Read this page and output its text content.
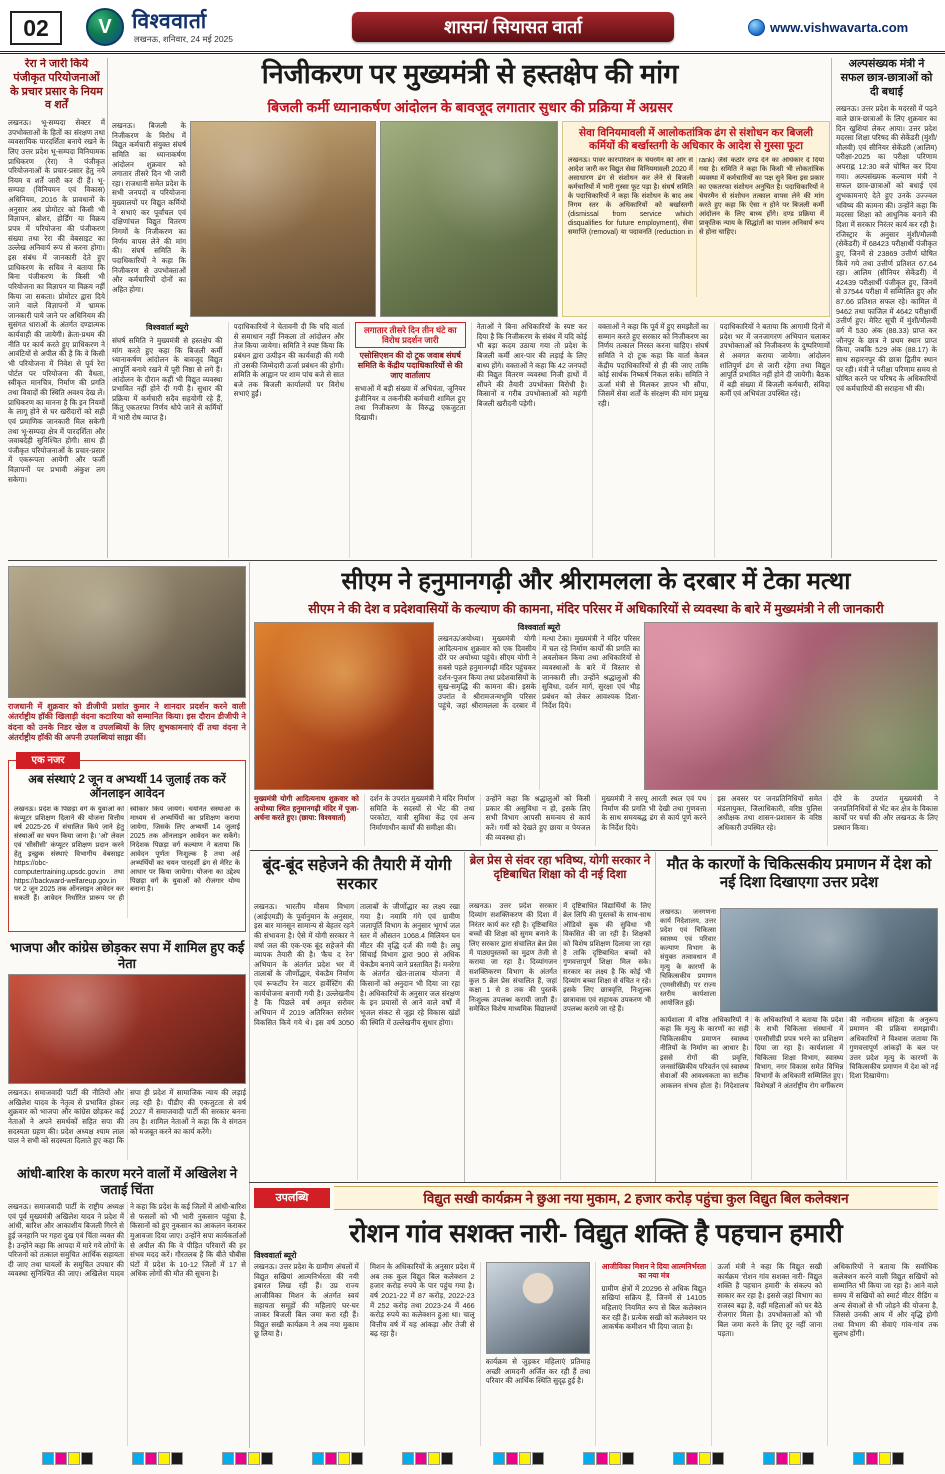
02	V विश्ववार्ता
लखनऊ, शनिवार, 24 मई 2025
शासन/ सियासत वार्ता	www.vishwavarta.com
रेरा ने जारी किये पंजीकृत परियोजनाओं के प्रचार प्रसार के नियम व शर्तें
लखनऊ। भू-सम्पदा सेक्टर में उपभोक्ताओं के हितों का संरक्षण तथा व्यवसायिक पारदर्शिता बनाये रखने के लिए उत्तर प्रदेश भू-सम्पदा विनियामक प्राधिकरण (रेरा) ने पंजीकृत परियोजनाओं के प्रचार-प्रसार हेतु नये नियम व शर्तें जारी कर दी हैं। भू-सम्पदा (विनियमन एवं विकास) अधिनियम, 2016 के प्रावधानों के अनुसार अब प्रोमोटर को किसी भी विज्ञापन, ब्रोशर, होर्डिंग या विक्रय प्रपत्र में परियोजना की पंजीकरण संख्या तथा रेरा की वेबसाइट का उल्लेख अनिवार्य रूप से करना होगा। इस संबंध में जानकारी देते हुए प्राधिकरण के सचिव ने बताया कि बिना पंजीकरण के किसी भी परियोजना का विज्ञापन या विक्रय नहीं किया जा सकता। प्रोमोटर द्वारा दिये जाने वाले विज्ञापनों में भ्रामक जानकारी पाये जाने पर अधिनियम की सुसंगत धाराओं के अंतर्गत दण्डात्मक कार्यवाही की जायेगी। क्रेता-प्रथम की नीति पर कार्य करते हुए प्राधिकरण ने आवंटियों से अपील की है कि वे किसी भी परियोजना में निवेश से पूर्व रेरा पोर्टल पर परियोजना की वैधता, स्वीकृत मानचित्र, निर्माण की प्रगति तथा विवादों की स्थिति अवश्य देख लें। प्राधिकरण का मानना है कि इन नियमों के लागू होने से घर खरीदारों को सही एवं प्रमाणिक जानकारी मिल सकेगी तथा भू-सम्पदा क्षेत्र में पारदर्शिता और जवाबदेही सुनिश्चित होगी। साथ ही पंजीकृत परियोजनाओं के प्रचार-प्रसार में एकरूपता आयेगी और फर्जी विज्ञापनों पर प्रभावी अंकुश लग सकेगा।
निजीकरण पर मुख्यमंत्री से हस्तक्षेप की मांग
बिजली कर्मी ध्यानाकर्षण आंदोलन के बावजूद लगातार सुधार की प्रक्रिया में अग्रसर
लखनऊ। बिजली के निजीकरण के विरोध में विद्युत कर्मचारी संयुक्त संघर्ष समिति का ध्यानाकर्षण आंदोलन शुक्रवार को लगातार तीसरे दिन भी जारी रहा। राजधानी समेत प्रदेश के सभी जनपदों व परियोजना मुख्यालयों पर विद्युत कर्मियों ने सभाएं कर पूर्वांचल एवं दक्षिणांचल विद्युत वितरण निगमों के निजीकरण का निर्णय वापस लेने की मांग की। संघर्ष समिति के पदाधिकारियों ने कहा कि निजीकरण से उपभोक्ताओं और कर्मचारियों दोनों का अहित होगा।
सेवा विनियमावली में आलोकतांत्रिक ढंग से संशोधन कर बिजली कर्मियों की बर्खास्तगी के अधिकार के आदेश से गुस्सा फूटा
लखनऊ। पावर कारपोरेशन के चेयरमैन की ओर से आदेश जारी कर विद्युत सेवा विनियमावली 2020 में असाधारण ढंग से संशोधन कर लेने से बिजली कर्मचारियों में भारी गुस्सा फूट पड़ा है। संघर्ष समिति के पदाधिकारियों ने कहा कि संशोधन के बाद अब निगम स्तर के अधिकारियों को बर्खास्तगी (dismissal from service which disqualifies for future employment), सेवा समाप्ति (removal) या पदावनति (reduction in rank) जैसे कठोर दण्ड देने का अधिकार दे दिया गया है। समिति ने कहा कि किसी भी लोकतांत्रिक व्यवस्था में कर्मचारियों का पक्ष सुने बिना इस प्रकार का एकतरफा संशोधन अनुचित है। पदाधिकारियों ने चेयरमैन से संशोधन तत्काल वापस लेने की मांग करते हुए कहा कि ऐसा न होने पर बिजली कर्मी आंदोलन के लिए बाध्य होंगे। दण्ड प्रक्रिया में प्राकृतिक न्याय के सिद्धांतों का पालन अनिवार्य रूप से होना चाहिए।
विश्ववार्ता ब्यूरो
संघर्ष समिति ने मुख्यमंत्री से हस्तक्षेप की मांग करते हुए कहा कि बिजली कर्मी ध्यानाकर्षण आंदोलन के बावजूद विद्युत आपूर्ति बनाये रखने में पूरी निष्ठा से लगे हैं। आंदोलन के दौरान कहीं भी विद्युत व्यवस्था प्रभावित नहीं होने दी गयी है। सुधार की प्रक्रिया में कर्मचारी सदैव सहयोगी रहे हैं, किंतु एकतरफा निर्णय थोपे जाने से कर्मियों में भारी रोष व्याप्त है।
पदाधिकारियों ने चेतावनी दी कि यदि वार्ता से समाधान नहीं निकला तो आंदोलन और तेज किया जायेगा। समिति ने स्पष्ट किया कि प्रबंधन द्वारा उत्पीड़न की कार्यवाही की गयी तो उसकी जिम्मेदारी ऊर्जा प्रबंधन की होगी। समिति के आह्वान पर शाम पांच बजे से सात बजे तक बिजली कार्यालयों पर विरोध सभाएं हुईं।
लगातार तीसरे दिन तीन घंटे का विरोध प्रदर्शन जारी
एसोसिएशन की दो टूक जवाब संघर्ष समिति के केंद्रीय पदाधिकारियों से की जाए वार्तालाप
सभाओं में बड़ी संख्या में अभियंता, जूनियर इंजीनियर व तकनीकी कर्मचारी शामिल हुए तथा निजीकरण के विरुद्ध एकजुटता दिखायी।
नेताओं ने बिना अधिकारियों के स्पष्ट कर दिया है कि निजीकरण के संबंध में यदि कोई भी बड़ा कदम उठाया गया तो प्रदेश के बिजली कर्मी आर-पार की लड़ाई के लिए बाध्य होंगे। वक्ताओं ने कहा कि 42 जनपदों की विद्युत वितरण व्यवस्था निजी हाथों में सौंपने की तैयारी उपभोक्ता विरोधी है। किसानों व गरीब उपभोक्ताओं को महंगी बिजली खरीदनी पड़ेगी।
वक्ताओं ने कहा कि पूर्व में हुए समझौतों का सम्मान करते हुए सरकार को निजीकरण का निर्णय तत्काल निरस्त करना चाहिए। संघर्ष समिति ने दो टूक कहा कि वार्ता केवल केंद्रीय पदाधिकारियों से ही की जाए ताकि कोई सार्थक निष्कर्ष निकल सके। समिति ने ऊर्जा मंत्री से मिलकर ज्ञापन भी सौंपा, जिसमें सेवा शर्तों के संरक्षण की मांग प्रमुख रही।
पदाधिकारियों ने बताया कि आगामी दिनों में प्रदेश भर में जनजागरण अभियान चलाकर उपभोक्ताओं को निजीकरण के दुष्परिणामों से अवगत कराया जायेगा। आंदोलन शांतिपूर्ण ढंग से जारी रहेगा तथा विद्युत आपूर्ति प्रभावित नहीं होने दी जायेगी। बैठक में बड़ी संख्या में बिजली कर्मचारी, संविदा कर्मी एवं अभियंता उपस्थित रहे।
अल्पसंख्यक मंत्री ने सफल छात्र-छात्राओं को दी बधाई
लखनऊ। उत्तर प्रदेश के मदरसों में पढ़ने वाले छात्र-छात्राओं के लिए शुक्रवार का दिन खुशियां लेकर आया। उत्तर प्रदेश मदरसा शिक्षा परिषद की सेकेंडरी (मुंशी/मौलवी) एवं सीनियर सेकेंडरी (आलिम) परीक्षा-2025 का परीक्षा परिणाम अपराह्न 12:30 बजे घोषित कर दिया गया। अल्पसंख्यक कल्याण मंत्री ने सफल छात्र-छात्राओं को बधाई एवं शुभकामनाएं देते हुए उनके उज्ज्वल भविष्य की कामना की। उन्होंने कहा कि मदरसा शिक्षा को आधुनिक बनाने की दिशा में सरकार निरंतर कार्य कर रही है। रजिस्ट्रार के अनुसार मुंशी/मौलवी (सेकेंडरी) में 68423 परीक्षार्थी पंजीकृत हुए, जिनमें से 23869 उत्तीर्ण घोषित किये गये तथा उत्तीर्ण प्रतिशत 67.64 रहा। आलिम (सीनियर सेकेंडरी) में 42439 परीक्षार्थी पंजीकृत हुए, जिनमें से 37544 परीक्षा में सम्मिलित हुए और 87.66 प्रतिशत सफल रहे। कामिल में 9462 तथा फाजिल में 4642 परीक्षार्थी उत्तीर्ण हुए। मेरिट सूची में मुंशी/मौलवी वर्ग में 530 अंक (88.33) प्राप्त कर जौनपुर के छात्र ने प्रथम स्थान प्राप्त किया, जबकि 529 अंक (88.17) के साथ सहारनपुर की छात्रा द्वितीय स्थान पर रही। मंत्री ने परीक्षा परिणाम समय से घोषित करने पर परिषद के अधिकारियों एवं कर्मचारियों की सराहना भी की।
राजधानी में शुक्रवार को डीजीपी प्रशांत कुमार ने शानदार प्रदर्शन करने वाली अंतर्राष्ट्रीय हॉकी खिलाड़ी वंदना कटारिया को सम्मानित किया। इस दौरान डीजीपी ने वंदना को उनके निडर खेल व उपलब्धियों के लिए शुभकामनाएं दीं तथा वंदना ने अंतर्राष्ट्रीय हॉकी की अपनी उपलब्धियां साझा कीं।
सीएम ने हनुमानगढ़ी और श्रीरामलला के दरबार में टेका मत्था
सीएम ने की देश व प्रदेशवासियों के कल्याण की कामना, मंदिर परिसर में अधिकारियों से व्यवस्था के बारे में मुख्यमंत्री ने ली जानकारी
विश्ववार्ता ब्यूरो
लखनऊ/अयोध्या। मुख्यमंत्री योगी आदित्यनाथ शुक्रवार को एक दिवसीय दौरे पर अयोध्या पहुंचे। सीएम योगी ने सबसे पहले हनुमानगढ़ी मंदिर पहुंचकर दर्शन-पूजन किया तथा प्रदेशवासियों के सुख-समृद्धि की कामना की। इसके उपरांत वे श्रीरामजन्मभूमि परिसर पहुंचे, जहां श्रीरामलला के दरबार में मत्था टेका। मुख्यमंत्री ने मंदिर परिसर में चल रहे निर्माण कार्यों की प्रगति का अवलोकन किया तथा अधिकारियों से व्यवस्थाओं के बारे में विस्तार से जानकारी ली। उन्होंने श्रद्धालुओं की सुविधा, दर्शन मार्ग, सुरक्षा एवं भीड़ प्रबंधन को लेकर आवश्यक दिशा-निर्देश दिये।
मुख्यमंत्री योगी आदित्यनाथ शुक्रवार को अयोध्या स्थित हनुमानगढ़ी मंदिर में पूजा-अर्चना करते हुए। (छाया: विश्ववार्ता)
दर्शन के उपरांत मुख्यमंत्री ने मंदिर निर्माण समिति के सदस्यों से भेंट की तथा परकोटा, यात्री सुविधा केंद्र एवं अन्य निर्माणाधीन कार्यों की समीक्षा की।
उन्होंने कहा कि श्रद्धालुओं को किसी प्रकार की असुविधा न हो, इसके लिए सभी विभाग आपसी समन्वय से कार्य करें। गर्मी को देखते हुए छाया व पेयजल की व्यवस्था हो।
मुख्यमंत्री ने सरयू आरती स्थल एवं पथ निर्माण की प्रगति भी देखी तथा गुणवत्ता के साथ समयबद्ध ढंग से कार्य पूर्ण करने के निर्देश दिये।
इस अवसर पर जनप्रतिनिधियों समेत मंडलायुक्त, जिलाधिकारी, वरिष्ठ पुलिस अधीक्षक तथा शासन-प्रशासन के वरिष्ठ अधिकारी उपस्थित रहे।
दौरे के उपरांत मुख्यमंत्री ने जनप्रतिनिधियों से भेंट कर क्षेत्र के विकास कार्यों पर चर्चा की और लखनऊ के लिए प्रस्थान किया।
एक नजर
अब संस्थाएं 2 जून व अभ्यर्थी 14 जुलाई तक करें ऑनलाइन आवेदन
लखनऊ। प्रदेश के पिछड़ा वर्ग के युवाओं को कंप्यूटर प्रशिक्षण दिलाने की योजना वित्तीय वर्ष 2025-26 में संचालित किये जाने हेतु संस्थाओं का चयन किया जाना है। 'ओ' लेवल एवं 'सीसीसी' कंप्यूटर प्रशिक्षण प्रदान करने हेतु इच्छुक संस्थाएं विभागीय वेबसाइट https://obc-computertraining.upsdc.gov.in तथा https://backward-welfareup.gov.in पर 2 जून 2025 तक ऑनलाइन आवेदन कर सकती हैं। आवेदन निर्धारित प्रारूप पर ही स्वीकार किये जायेंगे। चयनित संस्थाओं के माध्यम से अभ्यर्थियों का प्रशिक्षण कराया जायेगा, जिसके लिए अभ्यर्थी 14 जुलाई 2025 तक ऑनलाइन आवेदन कर सकेंगे। निदेशक पिछड़ा वर्ग कल्याण ने बताया कि आवेदन पूर्णतः निःशुल्क है तथा अर्ह अभ्यर्थियों का चयन पारदर्शी ढंग से मेरिट के आधार पर किया जायेगा। योजना का उद्देश्य पिछड़ा वर्ग के युवाओं को रोजगार योग्य बनाना है।
भाजपा और कांग्रेस छोड़कर सपा में शामिल हुए कई नेता
लखनऊ। समाजवादी पार्टी की नीतियों और अखिलेश यादव के नेतृत्व से प्रभावित होकर शुक्रवार को भाजपा और कांग्रेस छोड़कर कई नेताओं ने अपने समर्थकों सहित सपा की सदस्यता ग्रहण की। प्रदेश अध्यक्ष श्याम लाल पाल ने सभी को सदस्यता दिलाते हुए कहा कि सपा ही प्रदेश में सामाजिक न्याय की लड़ाई लड़ रही है। पीडीए की एकजुटता से वर्ष 2027 में समाजवादी पार्टी की सरकार बनना तय है। शामिल नेताओं ने कहा कि वे संगठन को मजबूत करने का कार्य करेंगे।
आंधी-बारिश के कारण मरने वालों में अखिलेश ने जताई चिंता
लखनऊ। समाजवादी पार्टी के राष्ट्रीय अध्यक्ष एवं पूर्व मुख्यमंत्री अखिलेश यादव ने प्रदेश में आंधी, बारिश और आकाशीय बिजली गिरने से हुई जनहानि पर गहरा दुख एवं चिंता व्यक्त की है। उन्होंने कहा कि आपदा में मारे गये लोगों के परिजनों को तत्काल समुचित आर्थिक सहायता दी जाए तथा घायलों के समुचित उपचार की व्यवस्था सुनिश्चित की जाए। अखिलेश यादव ने कहा कि प्रदेश के कई जिलों में आंधी-बारिश से फसलों को भी भारी नुकसान पहुंचा है, किसानों को हुए नुकसान का आकलन कराकर मुआवजा दिया जाए। उन्होंने सपा कार्यकर्ताओं से अपील की कि वे पीड़ित परिवारों की हर संभव मदद करें। गौरतलब है कि बीते चौबीस घंटों में प्रदेश के 10-12 जिलों में 17 से अधिक लोगों की मौत की सूचना है।
बूंद-बूंद सहेजने की तैयारी में योगी सरकार
लखनऊ। भारतीय मौसम विभाग (आईएमडी) के पूर्वानुमान के अनुसार, इस बार मानसून सामान्य से बेहतर रहने की संभावना है। ऐसे में योगी सरकार ने वर्षा जल की एक-एक बूंद सहेजने की व्यापक तैयारी की है। 'कैच द रेन' अभियान के अंतर्गत प्रदेश भर में तालाबों के जीर्णोद्धार, चेकडैम निर्माण एवं रूफटॉप रेन वाटर हार्वेस्टिंग की कार्ययोजना बनायी गयी है। उल्लेखनीय है कि पिछले वर्ष अमृत सरोवर अभियान में 2019 अतिरिक्त सरोवर विकसित किये गये थे। इस वर्ष 3050 तालाबों के जीर्णोद्धार का लक्ष्य रखा गया है। नमामि गंगे एवं ग्रामीण जलापूर्ति विभाग के अनुसार भूगर्भ जल स्तर में औसतन 1068.4 मिलियन घन मीटर की वृद्धि दर्ज की गयी है। लघु सिंचाई विभाग द्वारा 900 से अधिक चेकडैम बनाये जाने प्रस्तावित हैं। मनरेगा के अंतर्गत खेत-तालाब योजना में किसानों को अनुदान भी दिया जा रहा है। अधिकारियों के अनुसार जल संरक्षण के इन प्रयासों से आने वाले वर्षों में भूजल संकट से जूझ रहे विकास खंडों की स्थिति में उल्लेखनीय सुधार होगा।
ब्रेल प्रेस से संवर रहा भविष्य, योगी सरकार ने दृष्टिबाधित शिक्षा को दी नई दिशा
लखनऊ। उत्तर प्रदेश सरकार दिव्यांग सशक्तिकरण की दिशा में निरंतर कार्य कर रही है। दृष्टिबाधित बच्चों की शिक्षा को सुगम बनाने के लिए सरकार द्वारा संचालित ब्रेल प्रेस में पाठ्यपुस्तकों का मुद्रण तेजी से कराया जा रहा है। दिव्यांगजन सशक्तिकरण विभाग के अंतर्गत कुल 5 ब्रेल प्रेस संचालित हैं, जहां कक्षा 1 से 8 तक की पुस्तकें निःशुल्क उपलब्ध करायी जाती हैं। समेकित विशेष माध्यमिक विद्यालयों में दृष्टिबाधित विद्यार्थियों के लिए ब्रेल लिपि की पुस्तकों के साथ-साथ ऑडियो बुक की सुविधा भी विकसित की जा रही है। शिक्षकों को विशेष प्रशिक्षण दिलाया जा रहा है ताकि दृष्टिबाधित बच्चों को गुणवत्तापूर्ण शिक्षा मिल सके। सरकार का लक्ष्य है कि कोई भी दिव्यांग बच्चा शिक्षा से वंचित न रहे। इसके लिए छात्रवृत्ति, निःशुल्क छात्रावास एवं सहायक उपकरण भी उपलब्ध कराये जा रहे हैं।
मौत के कारणों के चिकित्सकीय प्रमाणन में देश को नई दिशा दिखाएगा उत्तर प्रदेश
लखनऊ। जनगणना कार्य निदेशालय, उत्तर प्रदेश एवं चिकित्सा स्वास्थ्य एवं परिवार कल्याण विभाग के संयुक्त तत्वावधान में मृत्यु के कारणों के चिकित्सकीय प्रमाणन (एमसीसीडी) पर राज्य स्तरीय कार्यशाला आयोजित हुई।
कार्यशाला में वरिष्ठ अधिकारियों ने कहा कि मृत्यु के कारणों का सही चिकित्सकीय प्रमाणन स्वास्थ्य नीतियों के निर्माण का आधार है। इससे रोगों की प्रवृत्ति, जनसांख्यिकीय परिवर्तन एवं स्वास्थ्य सेवाओं की आवश्यकता का सटीक आकलन संभव होता है। निदेशालय के अधिकारियों ने बताया कि प्रदेश के सभी चिकित्सा संस्थानों में एमसीसीडी प्रपत्र भरने का प्रशिक्षण दिया जा रहा है। कार्यशाला में चिकित्सा शिक्षा विभाग, स्वास्थ्य विभाग, नगर विकास समेत विभिन्न विभागों के अधिकारी सम्मिलित हुए। विशेषज्ञों ने अंतर्राष्ट्रीय रोग वर्गीकरण की नवीनतम संहिता के अनुरूप प्रमाणन की प्रक्रिया समझायी। अधिकारियों ने विश्वास जताया कि गुणवत्तापूर्ण आंकड़ों के बल पर उत्तर प्रदेश मृत्यु के कारणों के चिकित्सकीय प्रमाणन में देश को नई दिशा दिखायेगा।
उपलब्धि	विद्युत सखी कार्यक्रम ने छुआ नया मुकाम, 2 हजार करोड़ पहुंचा कुल विद्युत बिल कलेक्शन
रोशन गांव सशक्त नारी- विद्युत शक्ति है पहचान हमारी
विश्ववार्ता ब्यूरो
लखनऊ। उत्तर प्रदेश के ग्रामीण अंचलों में विद्युत सखियां आत्मनिर्भरता की नयी इबारत लिख रही हैं। उप्र राज्य आजीविका मिशन के अंतर्गत स्वयं सहायता समूहों की महिलाएं घर-घर जाकर बिजली बिल जमा करा रही हैं। विद्युत सखी कार्यक्रम ने अब नया मुकाम छू लिया है।
मिशन के अधिकारियों के अनुसार प्रदेश में अब तक कुल विद्युत बिल कलेक्शन 2 हजार करोड़ रुपये के पार पहुंच गया है। वर्ष 2021-22 में 87 करोड़, 2022-23 में 252 करोड़ तथा 2023-24 में 466 करोड़ रुपये का कलेक्शन हुआ था। चालू वित्तीय वर्ष में यह आंकड़ा और तेजी से बढ़ रहा है।
कार्यक्रम से जुड़कर महिलाएं प्रतिमाह अच्छी आमदनी अर्जित कर रही हैं तथा परिवार की आर्थिक स्थिति सुदृढ़ हुई है।
आजीविका मिशन ने दिया आत्मनिर्भरता का नया मंत्र
ग्रामीण क्षेत्रों में 20296 से अधिक विद्युत सखियां सक्रिय हैं, जिनमें से 14105 महिलाएं नियमित रूप से बिल कलेक्शन कर रही हैं। प्रत्येक सखी को कलेक्शन पर आकर्षक कमीशन भी दिया जाता है।
ऊर्जा मंत्री ने कहा कि विद्युत सखी कार्यक्रम 'रोशन गांव सशक्त नारी- विद्युत शक्ति है पहचान हमारी' के संकल्प को साकार कर रहा है। इससे जहां विभाग का राजस्व बढ़ा है, वहीं महिलाओं को घर बैठे रोजगार मिला है। उपभोक्ताओं को भी बिल जमा करने के लिए दूर नहीं जाना पड़ता।
अधिकारियों ने बताया कि सर्वाधिक कलेक्शन करने वाली विद्युत सखियों को सम्मानित भी किया जा रहा है। आने वाले समय में सखियों को स्मार्ट मीटर रीडिंग व अन्य सेवाओं से भी जोड़ने की योजना है, जिससे उनकी आय में और वृद्धि होगी तथा विभाग की सेवाएं गांव-गांव तक सुलभ होंगी।
